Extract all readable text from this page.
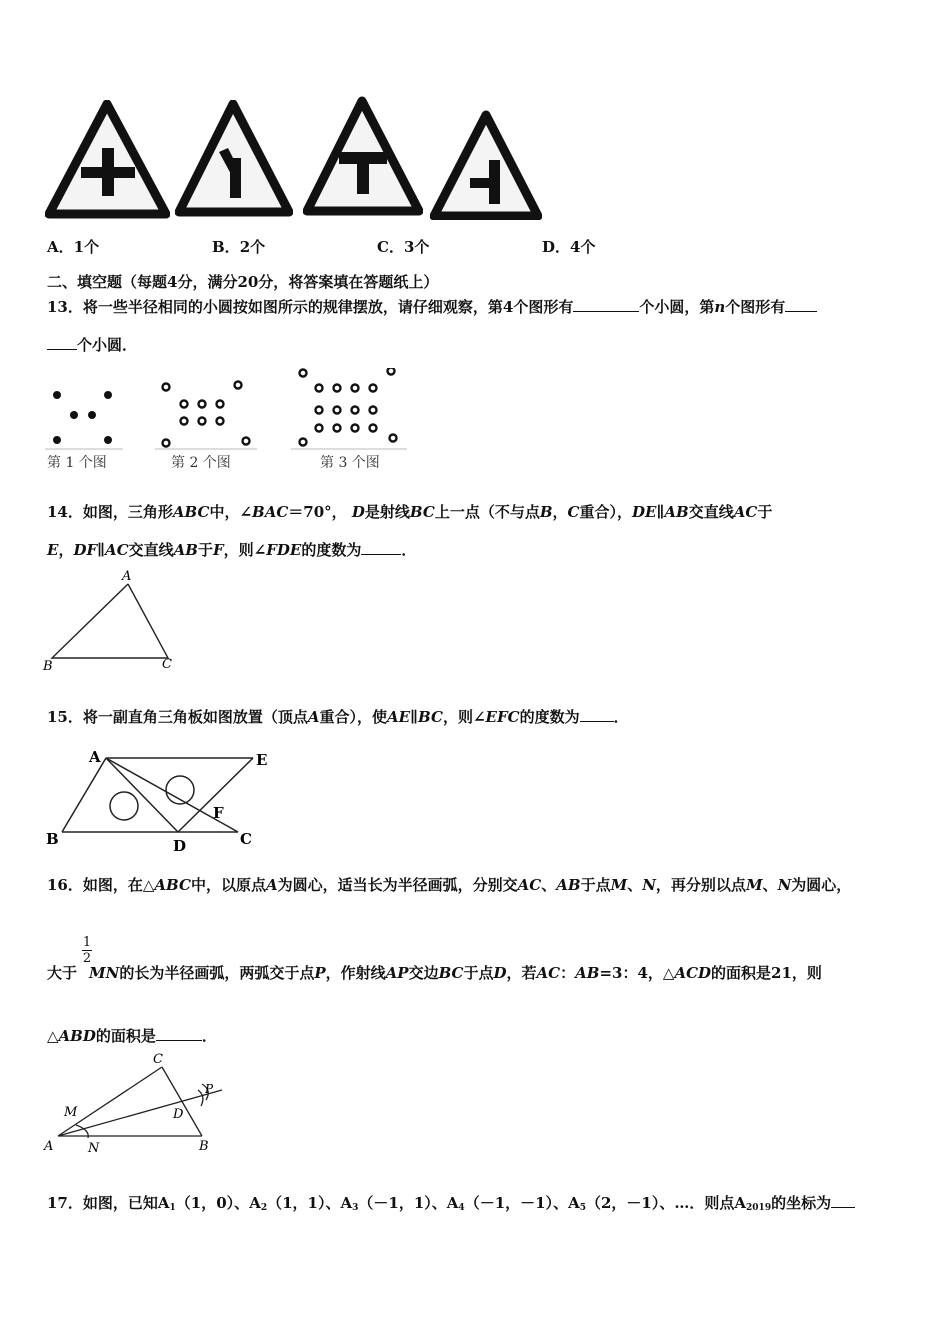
A．1个	B．2个	C．3个	D．4个
二、填空题（每题4分，满分20分，将答案填在答题纸上）
13．将一些半径相同的小圆按如图所示的规律摆放，请仔细观察，第4个图形有	个小圆，第n个图形有
个小圆．
第 1 个图	第 2 个图	第 3 个图
14．如图，三角形ABC中，∠BAC＝70°， D是射线BC上一点（不与点B，C重合），DE∥AB交直线AC于
E，DF∥AC交直线AB于F，则∠FDE的度数为	．
A
B	C
15．将一副直角三角板如图放置（顶点A重合），使AE∥BC，则∠EFC的度数为 ．
A	E
F
B	D	C
16．如图，在△ABC中，以原点A为圆心，适当长为半径画弧，分别交AC、AB于点M、N，再分别以点M、N为圆心，
1
2
大于 MN的长为半径画弧，两弧交于点P，作射线AP交边BC于点D，若AC：AB=3：4，△ACD的面积是21，则
△ABD的面积是	．
C
P
M	D
A	N	B
17．如图，已知$A_1(1$，0）、$A_2(1$，1）、$A_3(-1$，1）、$A_4(-1$，－1）、$A_5(2$，－1）、…．则点$A_{2019}$的坐标为
